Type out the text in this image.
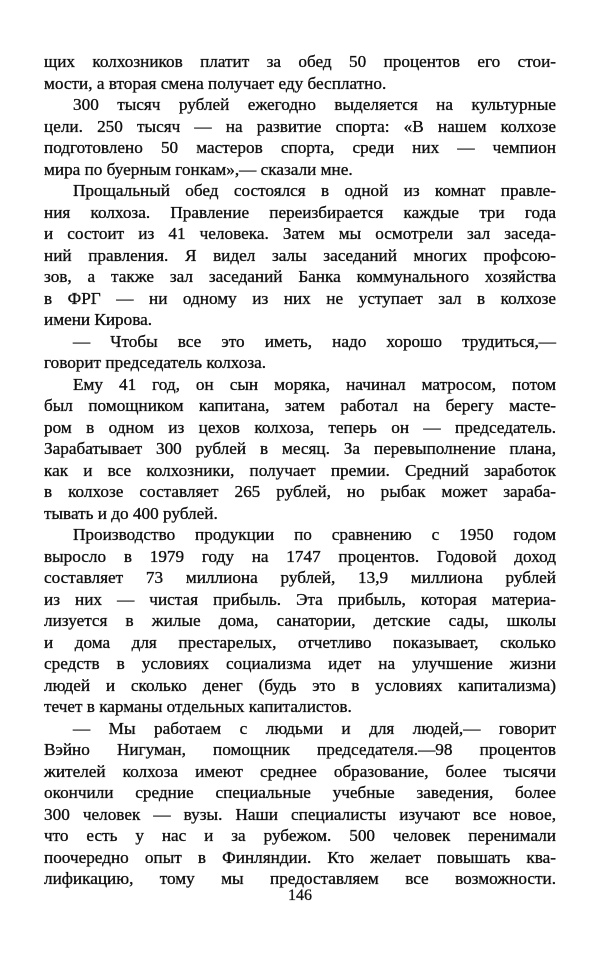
щих колхозников платит за обед 50 процентов его стои-
мости, а вторая смена получает еду бесплатно.
300 тысяч рублей ежегодно выделяется на культурные
цели. 250 тысяч — на развитие спорта: «В нашем колхозе
подготовлено 50 мастеров спорта, среди них — чемпион
мира по буерным гонкам»,— сказали мне.
Прощальный обед состоялся в одной из комнат правле-
ния колхоза. Правление переизбирается каждые три года
и состоит из 41 человека. Затем мы осмотрели зал заседа-
ний правления. Я видел залы заседаний многих профсою-
зов, а также зал заседаний Банка коммунального хозяйства
в ФРГ — ни одному из них не уступает зал в колхозе
имени Кирова.
— Чтобы все это иметь, надо хорошо трудиться,—
говорит председатель колхоза.
Ему 41 год, он сын моряка, начинал матросом, потом
был помощником капитана, затем работал на берегу масте-
ром в одном из цехов колхоза, теперь он — председатель.
Зарабатывает 300 рублей в месяц. За перевыполнение плана,
как и все колхозники, получает премии. Средний заработок
в колхозе составляет 265 рублей, но рыбак может зараба-
тывать и до 400 рублей.
Производство продукции по сравнению с 1950 годом
выросло в 1979 году на 1747 процентов. Годовой доход
составляет 73 миллиона рублей, 13,9 миллиона рублей
из них — чистая прибыль. Эта прибыль, которая материа-
лизуется в жилые дома, санатории, детские сады, школы
и дома для престарелых, отчетливо показывает, сколько
средств в условиях социализма идет на улучшение жизни
людей и сколько денег (будь это в условиях капитализма)
течет в карманы отдельных капиталистов.
— Мы работаем с людьми и для людей,— говорит
Вэйно Нигуман, помощник председателя.—98 процентов
жителей колхоза имеют среднее образование, более тысячи
окончили средние специальные учебные заведения, более
300 человек — вузы. Наши специалисты изучают все новое,
что есть у нас и за рубежом. 500 человек перенимали
поочередно опыт в Финляндии. Кто желает повышать ква-
лификацию, тому мы предоставляем все возможности.
146
